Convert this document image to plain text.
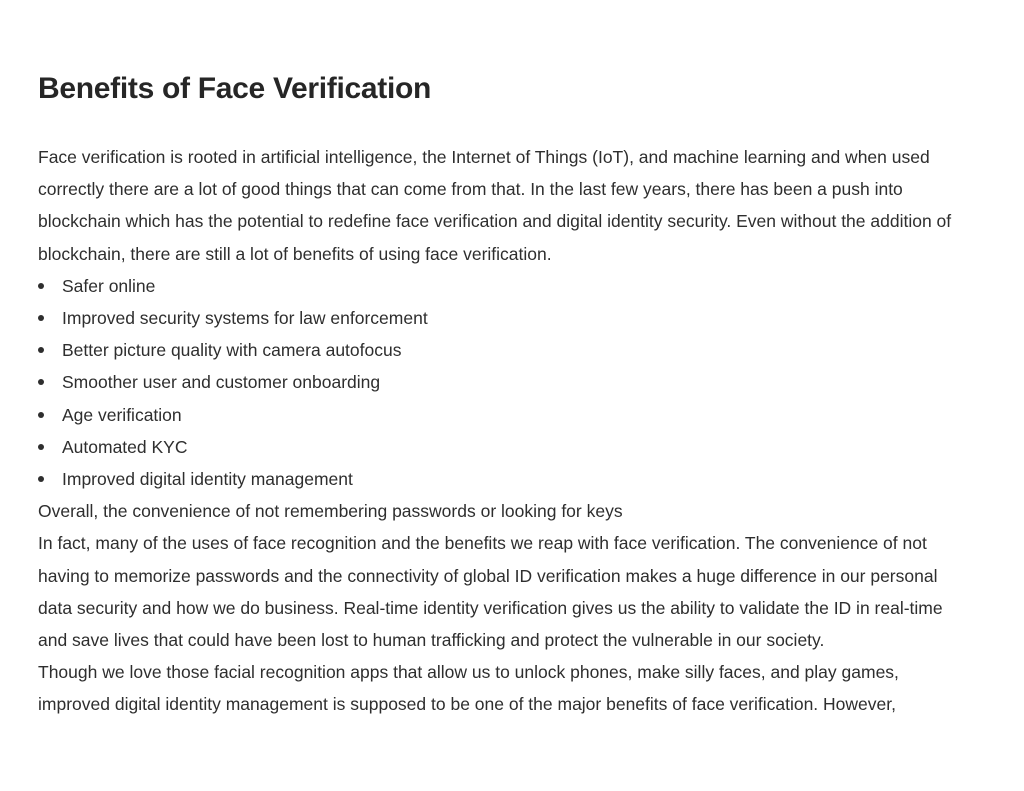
Benefits of Face Verification
Face verification is rooted in artificial intelligence, the Internet of Things (IoT), and machine learning and when used
correctly there are a lot of good things that can come from that. In the last few years, there has been a push into
blockchain which has the potential to redefine face verification and digital identity security. Even without the addition of
blockchain, there are still a lot of benefits of using face verification.
Safer online
Improved security systems for law enforcement
Better picture quality with camera autofocus
Smoother user and customer onboarding
Age verification
Automated KYC
Improved digital identity management
Overall, the convenience of not remembering passwords or looking for keys
In fact, many of the uses of face recognition and the benefits we reap with face verification. The convenience of not
having to memorize passwords and the connectivity of global ID verification makes a huge difference in our personal
data security and how we do business. Real-time identity verification gives us the ability to validate the ID in real-time
and save lives that could have been lost to human trafficking and protect the vulnerable in our society.
Though we love those facial recognition apps that allow us to unlock phones, make silly faces, and play games,
improved digital identity management is supposed to be one of the major benefits of face verification. However,
